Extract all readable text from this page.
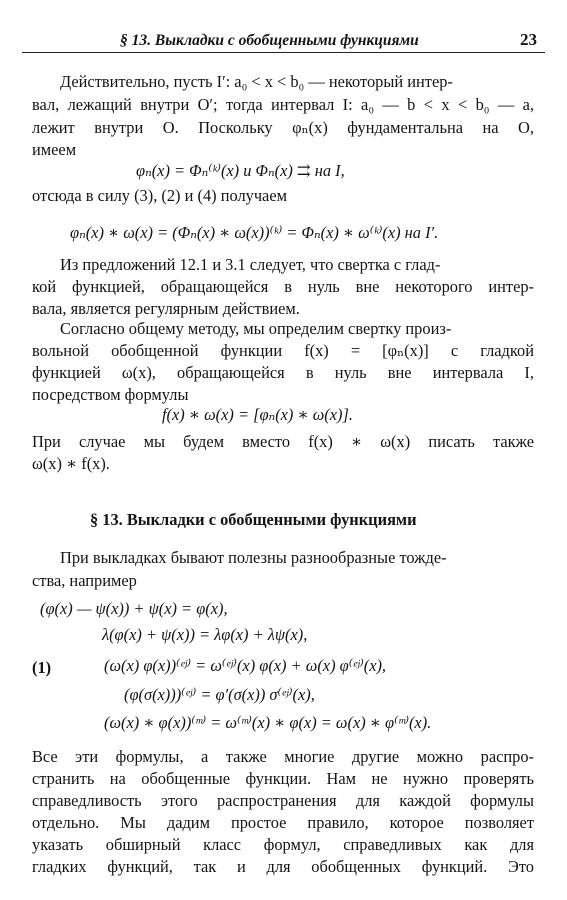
§ 13. Выкладки с обобщенными функциями	23
Действительно, пусть I′: a₀ < x < b₀ — некоторый интер-
вал, лежащий внутри O′; тогда интервал I: a₀ — b < x < b₀ — a,
лежит внутри O. Поскольку φₙ(x) фундаментальна на O,
имеем
φₙ(x) = Φₙ⁽ᵏ⁾(x) и Φₙ(x) ⇉ на I,
отсюда в силу (3), (2) и (4) получаем
φₙ(x) ∗ ω(x) = (Φₙ(x) ∗ ω(x))⁽ᵏ⁾ = Φₙ(x) ∗ ω⁽ᵏ⁾(x) на I′.
Из предложений 12.1 и 3.1 следует, что свертка с глад-
кой функцией, обращающейся в нуль вне некоторого интер-
вала, является регулярным действием.
Согласно общему методу, мы определим свертку произ-
вольной обобщенной функции f(x) = [φₙ(x)] с гладкой
функцией ω(x), обращающейся в нуль вне интервала I,
посредством формулы
f(x) ∗ ω(x) = [φₙ(x) ∗ ω(x)].
При случае мы будем вместо f(x) ∗ ω(x) писать также
ω(x) ∗ f(x).
§ 13. Выкладки с обобщенными функциями
При выкладках бывают полезны разнообразные тожде-
ства, например
(1)
(φ(x) — ψ(x)) + ψ(x) = φ(x),
λ(φ(x) + ψ(x)) = λφ(x) + λψ(x),
(ω(x) φ(x))⁽ᵉʲ⁾ = ω⁽ᵉʲ⁾(x) φ(x) + ω(x) φ⁽ᵉʲ⁾(x),
(φ(σ(x)))⁽ᵉʲ⁾ = φ′(σ(x)) σ⁽ᵉʲ⁾(x),
(ω(x) ∗ φ(x))⁽ᵐ⁾ = ω⁽ᵐ⁾(x) ∗ φ(x) = ω(x) ∗ φ⁽ᵐ⁾(x).
Все эти формулы, а также многие другие можно распро-
странить на обобщенные функции. Нам не нужно проверять
справедливость этого распространения для каждой формулы
отдельно. Мы дадим простое правило, которое позволяет
указать обширный класс формул, справедливых как для
гладких функций, так и для обобщенных функций. Это
